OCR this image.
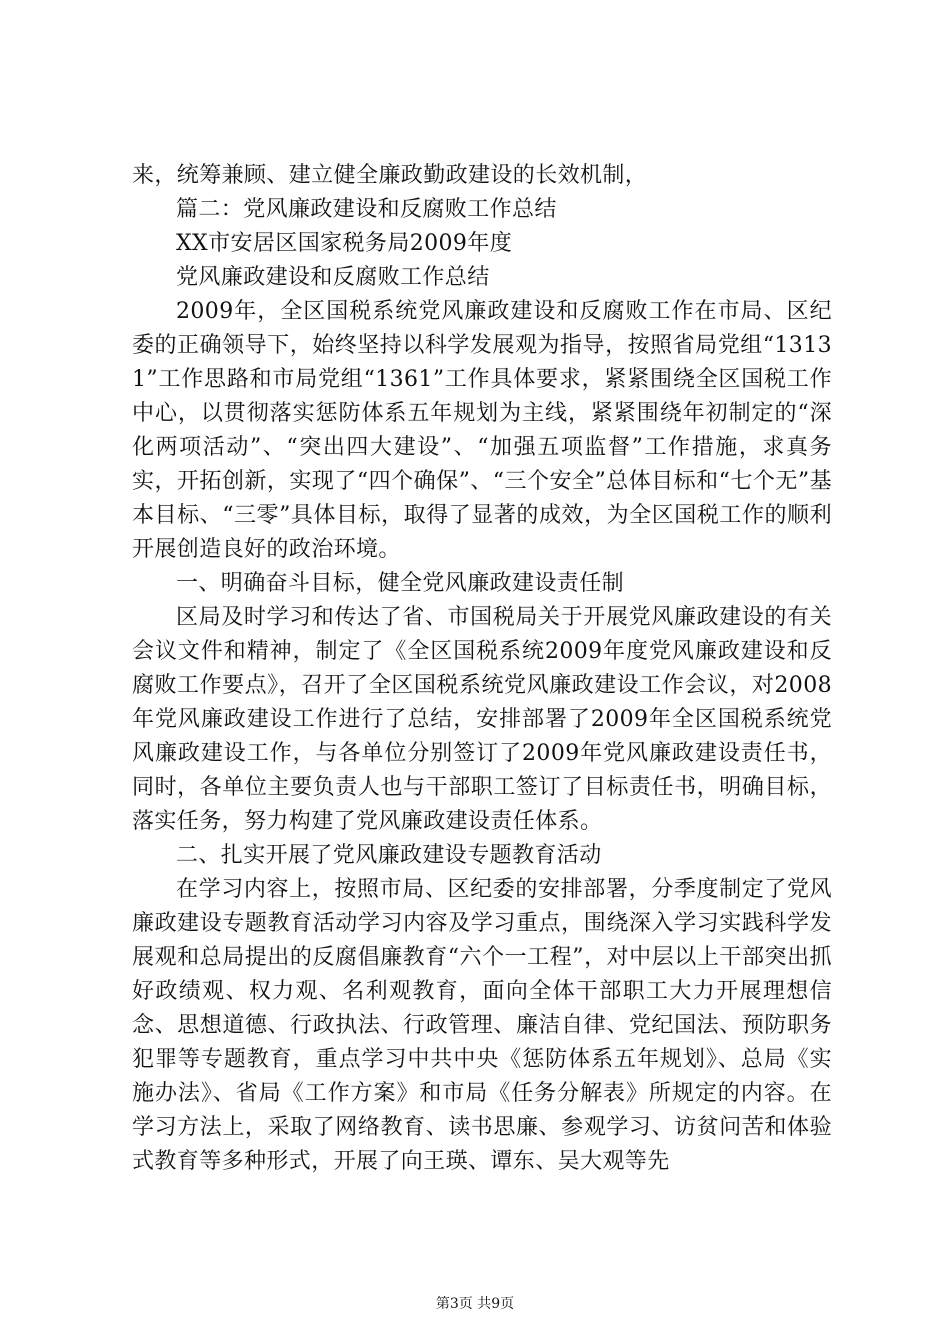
来，统筹兼顾、建立健全廉政勤政建设的长效机制，

篇二：党风廉政建设和反腐败工作总结

XX市安居区国家税务局2009年度

党风廉政建设和反腐败工作总结

2009年，全区国税系统党风廉政建设和反腐败工作在市局、区纪委的正确领导下，始终坚持以科学发展观为指导，按照省局党组“13131”工作思路和市局党组“1361”工作具体要求，紧紧围绕全区国税工作中心，以贯彻落实惩防体系五年规划为主线，紧紧围绕年初制定的“深化两项活动”、“突出四大建设”、“加强五项监督”工作措施，求真务实，开拓创新，实现了“四个确保”、“三个安全”总体目标和“七个无”基本目标、“三零”具体目标，取得了显著的成效，为全区国税工作的顺利开展创造良好的政治环境。

一、明确奋斗目标，健全党风廉政建设责任制

区局及时学习和传达了省、市国税局关于开展党风廉政建设的有关会议文件和精神，制定了《全区国税系统2009年度党风廉政建设和反腐败工作要点》，召开了全区国税系统党风廉政建设工作会议，对2008年党风廉政建设工作进行了总结，安排部署了2009年全区国税系统党风廉政建设工作，与各单位分别签订了2009年党风廉政建设责任书，同时，各单位主要负责人也与干部职工签订了目标责任书，明确目标，落实任务，努力构建了党风廉政建设责任体系。

二、扎实开展了党风廉政建设专题教育活动

在学习内容上，按照市局、区纪委的安排部署，分季度制定了党风廉政建设专题教育活动学习内容及学习重点，围绕深入学习实践科学发展观和总局提出的反腐倡廉教育“六个一工程”，对中层以上干部突出抓好政绩观、权力观、名利观教育，面向全体干部职工大力开展理想信念、思想道德、行政执法、行政管理、廉洁自律、党纪国法、预防职务犯罪等专题教育，重点学习中共中央《惩防体系五年规划》、总局《实施办法》、省局《工作方案》和市局《任务分解表》所规定的内容。在学习方法上，采取了网络教育、读书思廉、参观学习、访贫问苦和体验式教育等多种形式，开展了向王瑛、谭东、吴大观等先

第3页 共9页
